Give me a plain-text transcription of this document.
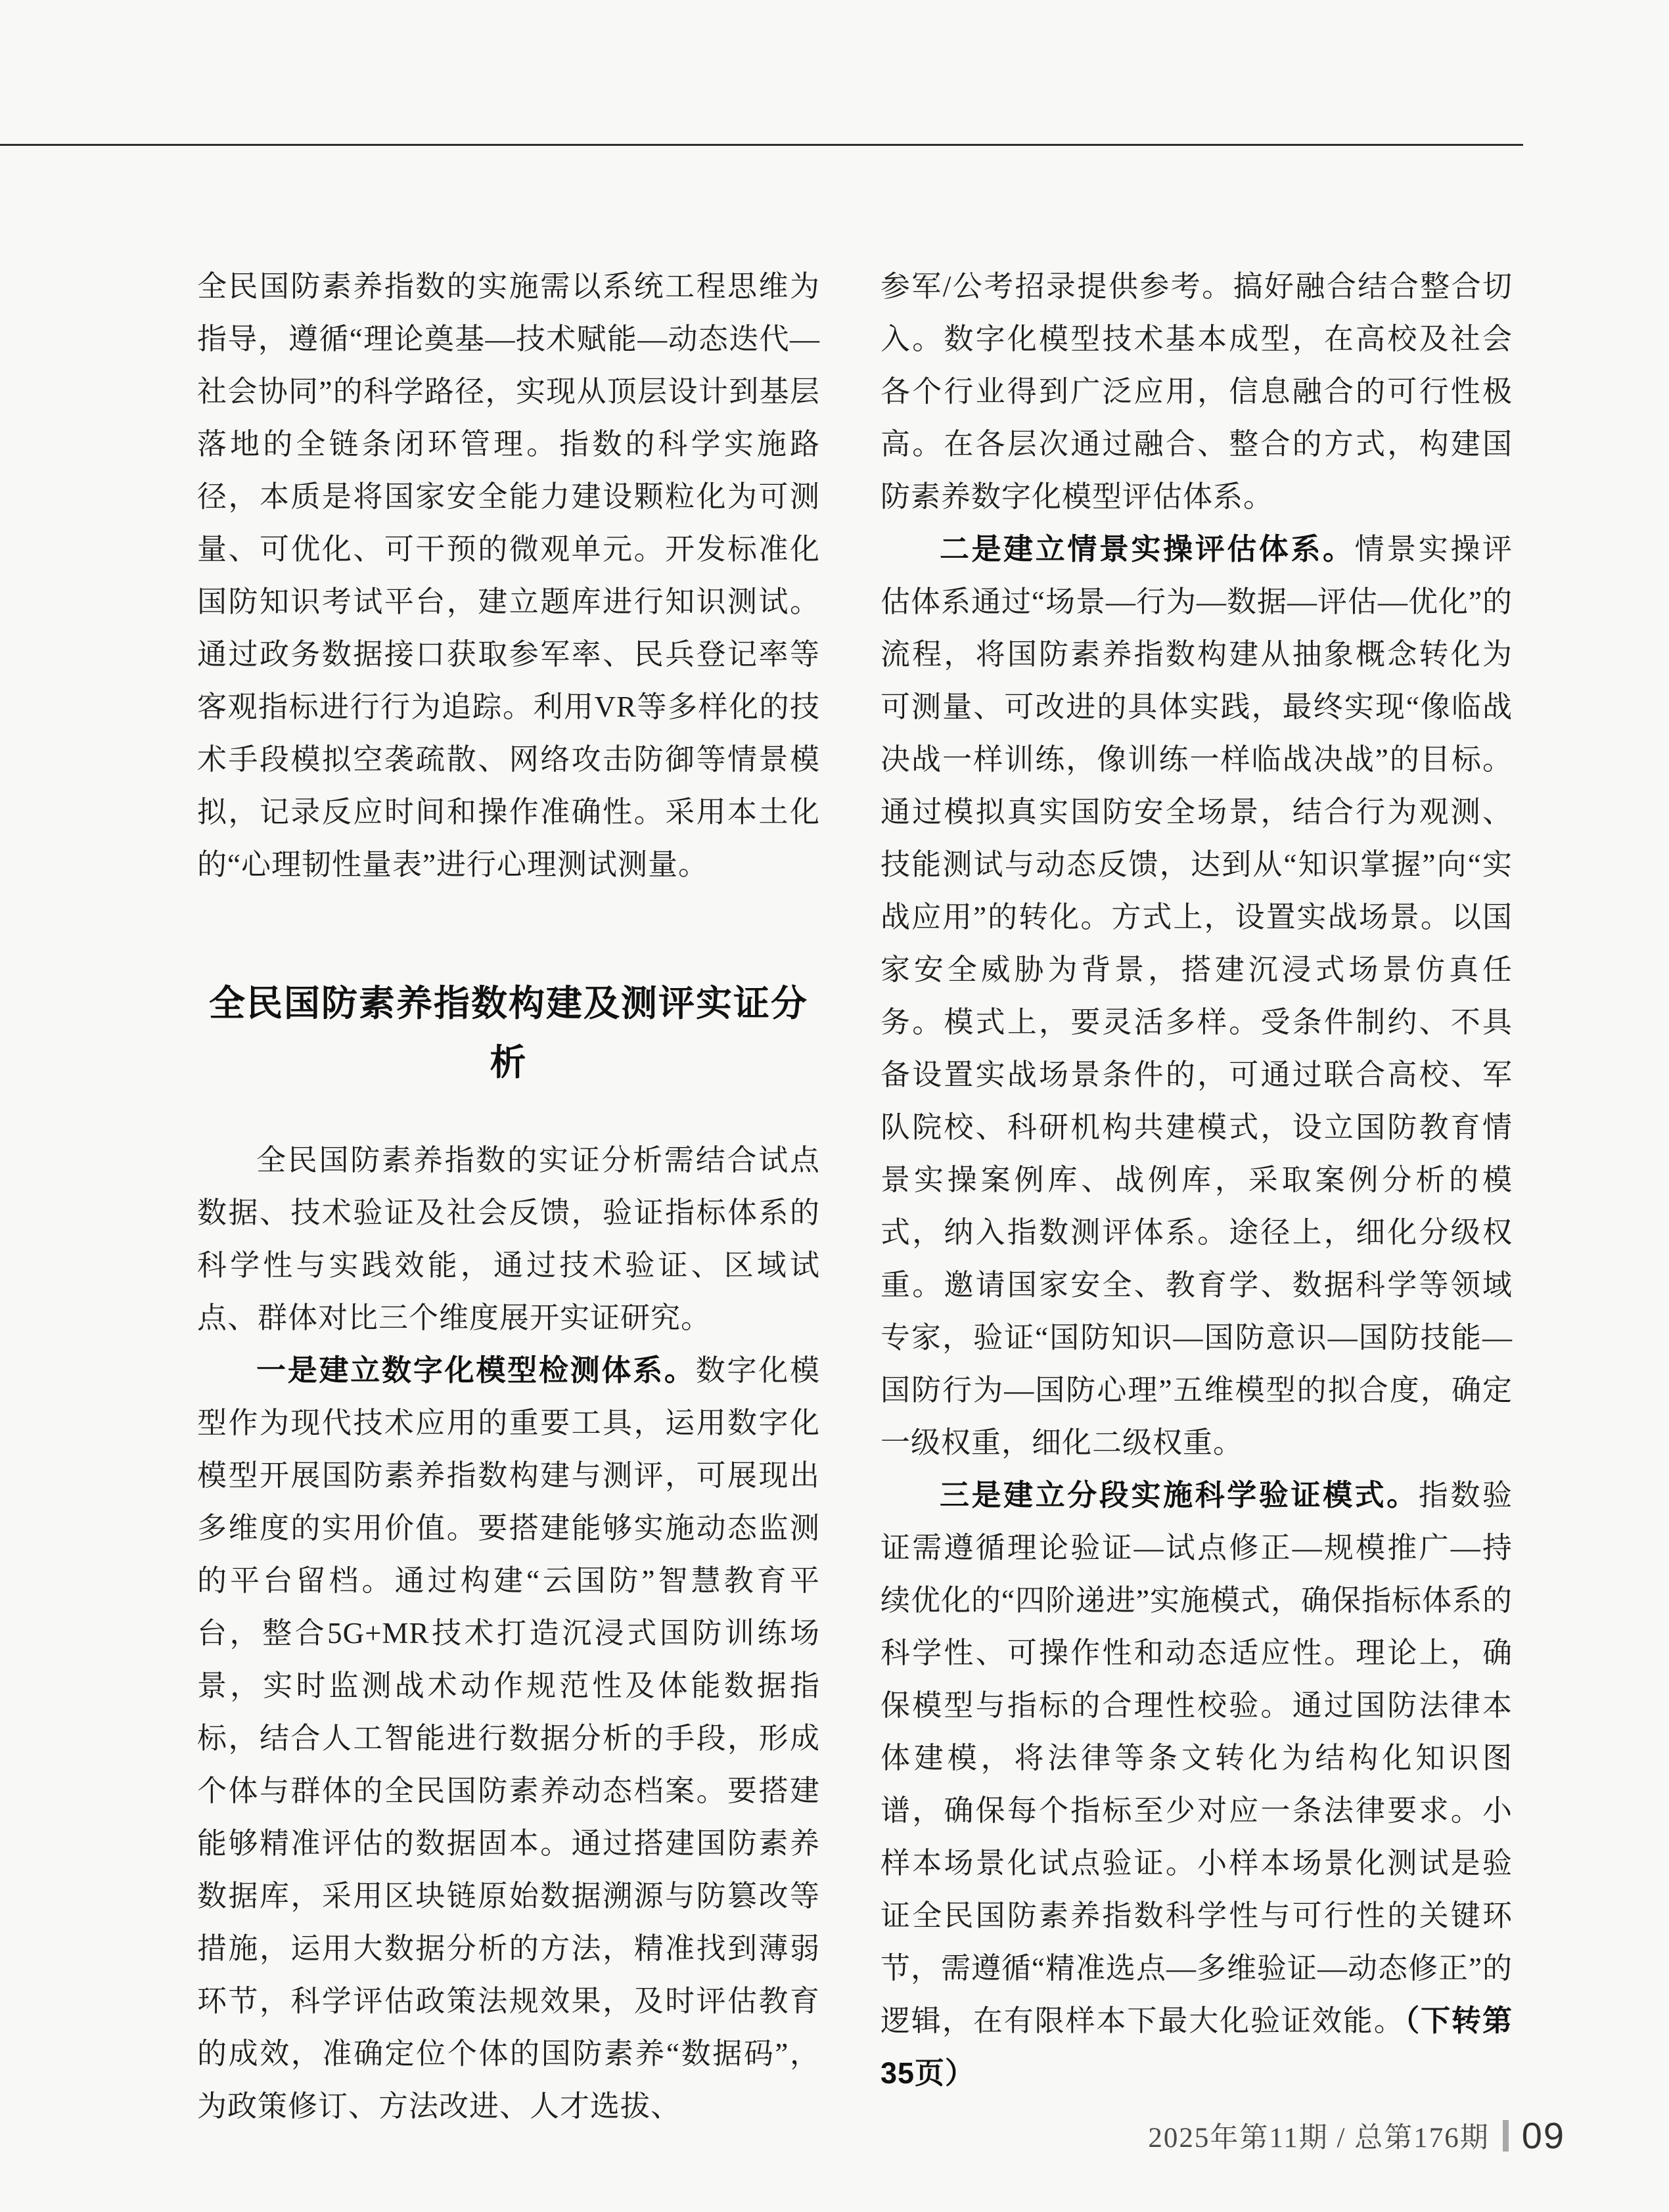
全民国防素养指数的实施需以系统工程思维为指导，遵循“理论奠基—技术赋能—动态迭代—社会协同”的科学路径，实现从顶层设计到基层落地的全链条闭环管理。指数的科学实施路径，本质是将国家安全能力建设颗粒化为可测量、可优化、可干预的微观单元。开发标准化国防知识考试平台，建立题库进行知识测试。通过政务数据接口获取参军率、民兵登记率等客观指标进行行为追踪。利用VR等多样化的技术手段模拟空袭疏散、网络攻击防御等情景模拟，记录反应时间和操作准确性。采用本土化的“心理韧性量表”进行心理测试测量。

全民国防素养指数构建及测评实证分析

全民国防素养指数的实证分析需结合试点数据、技术验证及社会反馈，验证指标体系的科学性与实践效能，通过技术验证、区域试点、群体对比三个维度展开实证研究。

一是建立数字化模型检测体系。数字化模型作为现代技术应用的重要工具，运用数字化模型开展国防素养指数构建与测评，可展现出多维度的实用价值。要搭建能够实施动态监测的平台留档。通过构建“云国防”智慧教育平台，整合5G+MR技术打造沉浸式国防训练场景，实时监测战术动作规范性及体能数据指标，结合人工智能进行数据分析的手段，形成个体与群体的全民国防素养动态档案。要搭建能够精准评估的数据固本。通过搭建国防素养数据库，采用区块链原始数据溯源与防篡改等措施，运用大数据分析的方法，精准找到薄弱环节，科学评估政策法规效果，及时评估教育的成效，准确定位个体的国防素养“数据码”，为政策修订、方法改进、人才选拔、

参军/公考招录提供参考。搞好融合结合整合切入。数字化模型技术基本成型，在高校及社会各个行业得到广泛应用，信息融合的可行性极高。在各层次通过融合、整合的方式，构建国防素养数字化模型评估体系。

二是建立情景实操评估体系。情景实操评估体系通过“场景—行为—数据—评估—优化”的流程，将国防素养指数构建从抽象概念转化为可测量、可改进的具体实践，最终实现“像临战决战一样训练，像训练一样临战决战”的目标。通过模拟真实国防安全场景，结合行为观测、技能测试与动态反馈，达到从“知识掌握”向“实战应用”的转化。方式上，设置实战场景。以国家安全威胁为背景，搭建沉浸式场景仿真任务。模式上，要灵活多样。受条件制约、不具备设置实战场景条件的，可通过联合高校、军队院校、科研机构共建模式，设立国防教育情景实操案例库、战例库，采取案例分析的模式，纳入指数测评体系。途径上，细化分级权重。邀请国家安全、教育学、数据科学等领域专家，验证“国防知识—国防意识—国防技能—国防行为—国防心理”五维模型的拟合度，确定一级权重，细化二级权重。

三是建立分段实施科学验证模式。指数验证需遵循理论验证—试点修正—规模推广—持续优化的“四阶递进”实施模式，确保指标体系的科学性、可操作性和动态适应性。理论上，确保模型与指标的合理性校验。通过国防法律本体建模，将法律等条文转化为结构化知识图谱，确保每个指标至少对应一条法律要求。小样本场景化试点验证。小样本场景化测试是验证全民国防素养指数科学性与可行性的关键环节，需遵循“精准选点—多维验证—动态修正”的逻辑，在有限样本下最大化验证效能。（下转第35页）

2025年第11期 / 总第176期 09
